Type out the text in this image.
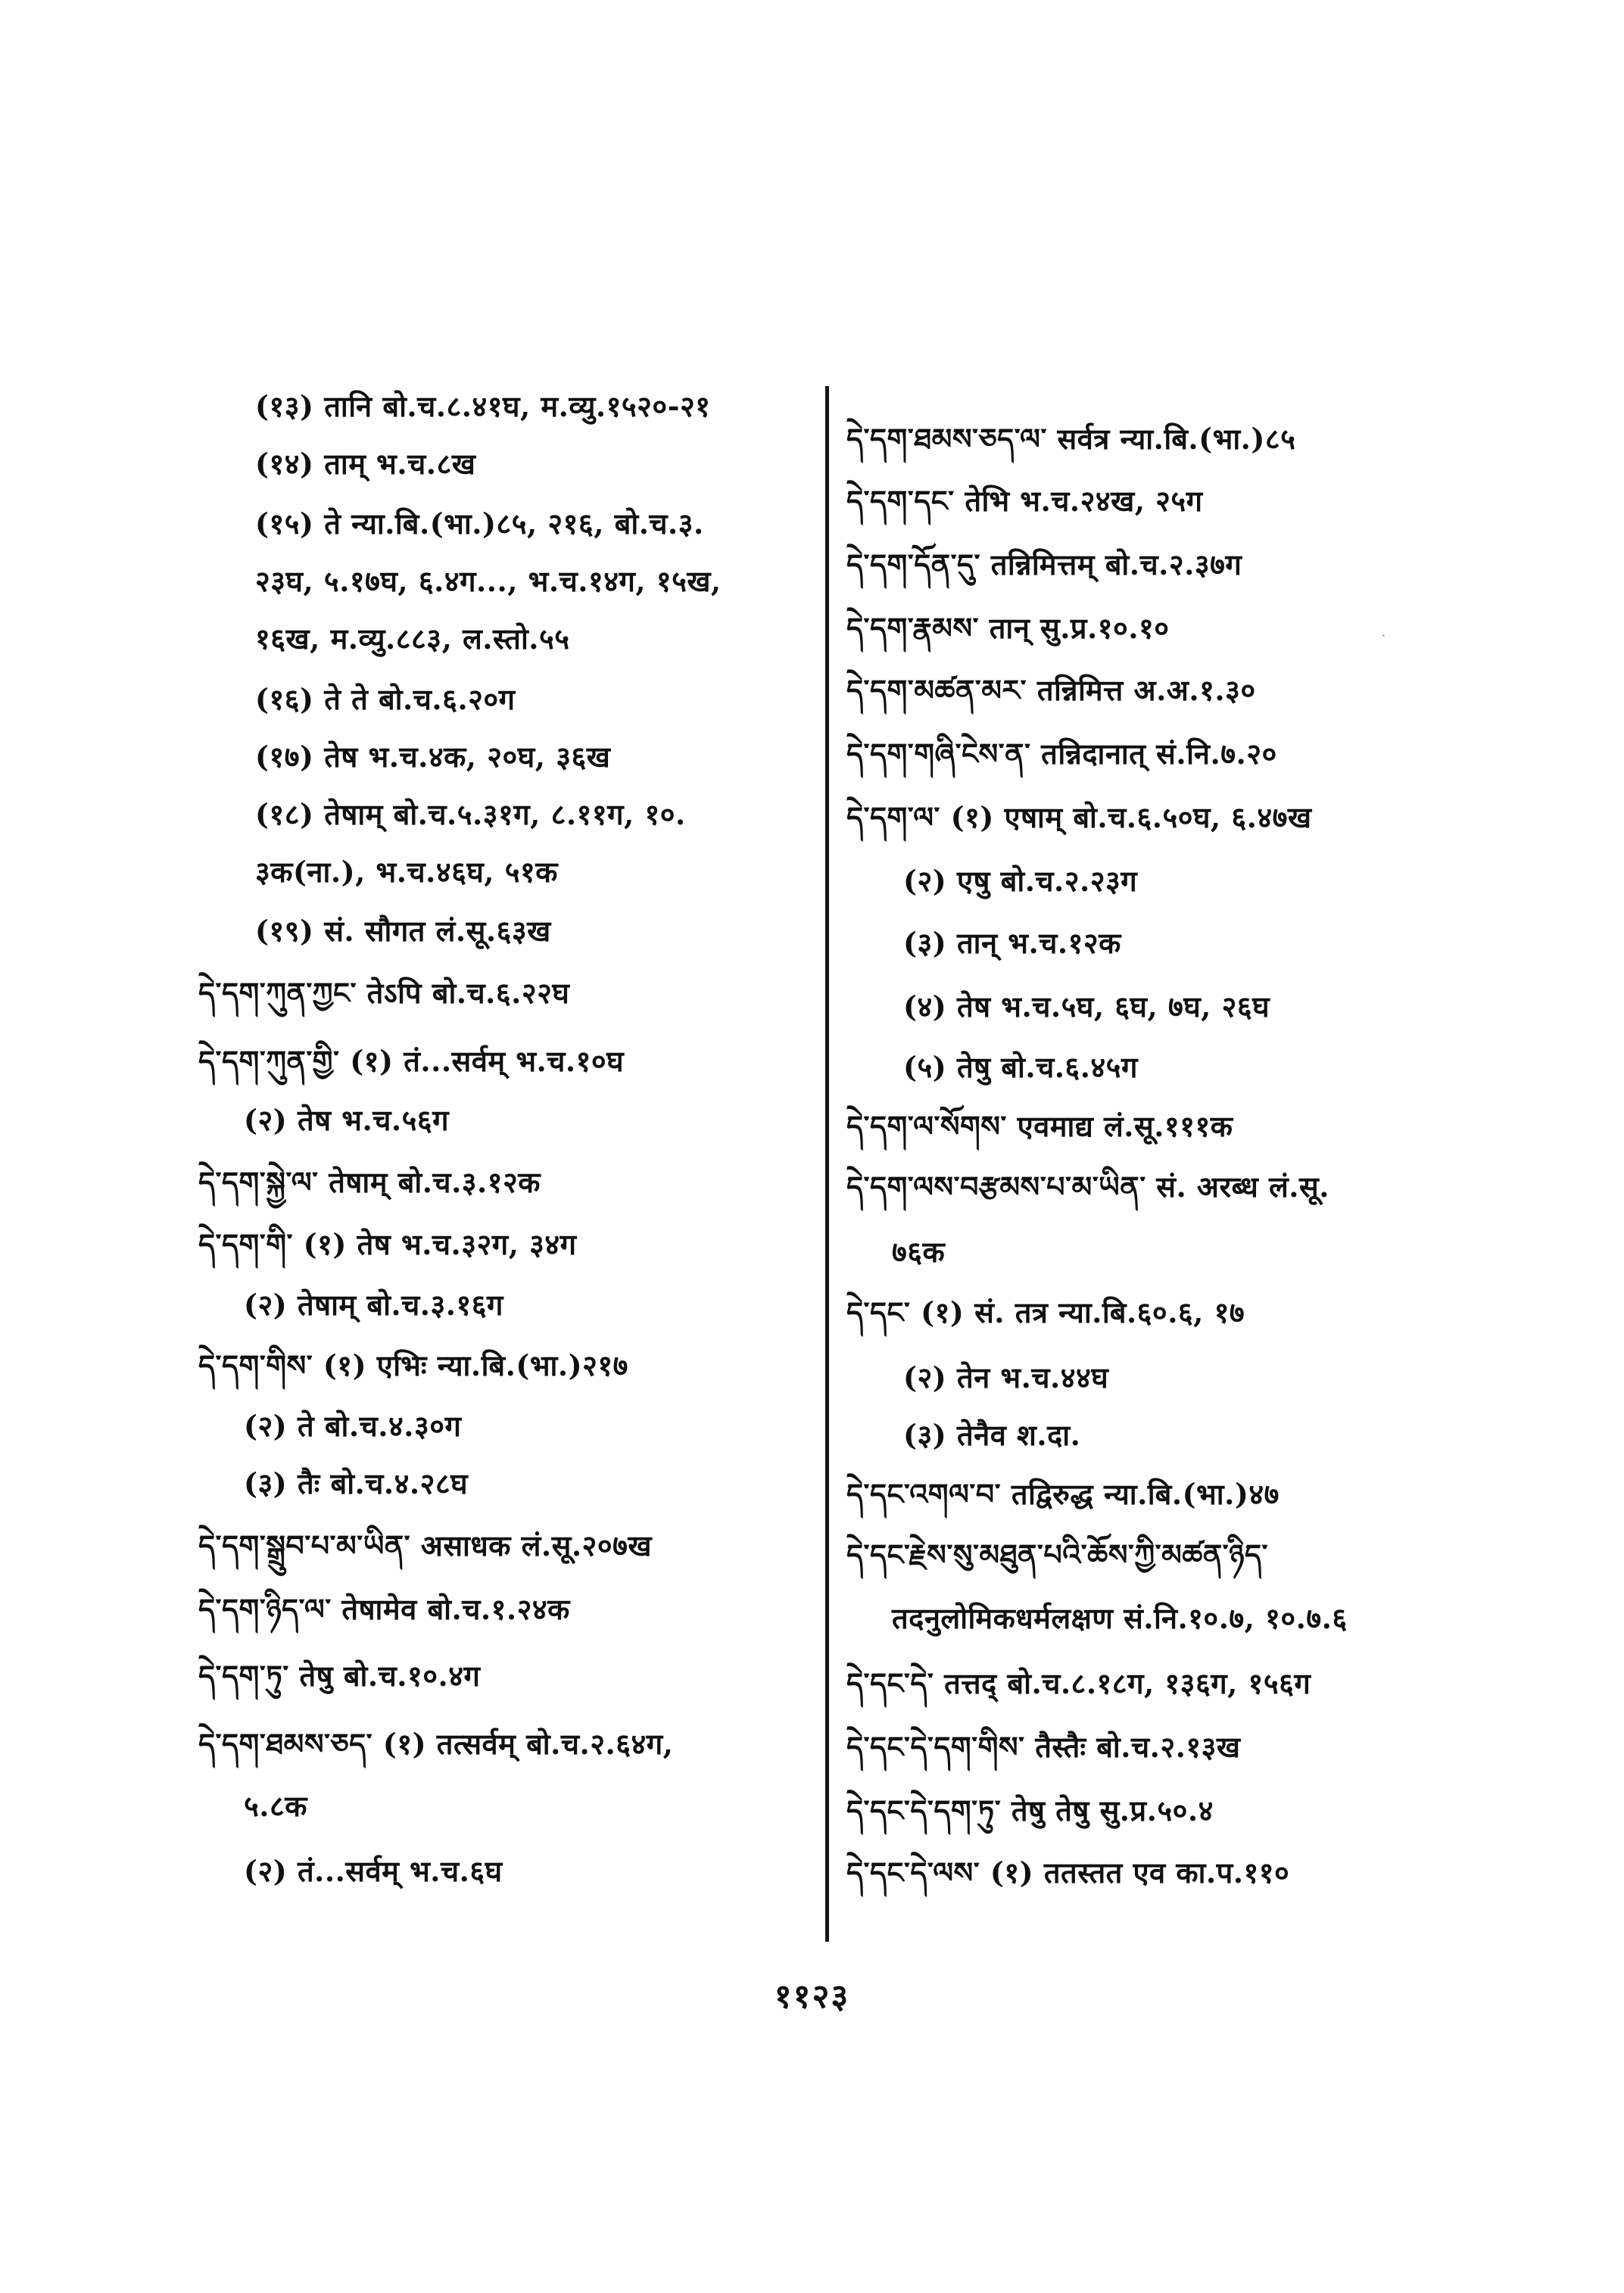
(१३) तानि बो.च.८.४१घ, म.व्यु.१५२०-२१
(१४) ताम् भ.च.८ख
(१५) ते न्या.बि.(भा.)८५, २१६, बो.च.३.
२३घ, ५.१७घ, ६.४ग..., भ.च.१४ग, १५ख,
१६ख, म.व्यु.८८३, ल.स्तो.५५
(१६) ते ते बो.च.६.२०ग
(१७) तेष भ.च.४क, २०घ, ३६ख
(१८) तेषाम् बो.च.५.३१ग, ८.११ग, १०.
३क(ना.), भ.च.४६घ, ५१क
(१९) सं. सौगत लं.सू.६३ख
དེ་དག་ཀུན་ཀྱང་ तेऽपि बो.च.६.२२घ
དེ་དག་ཀུན་གྱི་ (१) तं...सर्वम् भ.च.१०घ
(२) तेष भ.च.५६ग
དེ་དག་སྐྱེ་ལ་ तेषाम् बो.च.३.१२क
དེ་དག་གི་ (१) तेष भ.च.३२ग, ३४ग
(२) तेषाम् बो.च.३.१६ग
དེ་དག་གིས་ (१) एभिः न्या.बि.(भा.)२१७
(२) ते बो.च.४.३०ग
(३) तैः बो.च.४.२८घ
དེ་དག་སྒྲུབ་པ་མ་ཡིན་ असाधक लं.सू.२०७ख
དེ་དག་ཉིད་ལ་ तेषामेव बो.च.१.२४क
དེ་དག་ཏུ་ तेषु बो.च.१०.४ग
དེ་དག་ཐམས་ཅད་ (१) तत्सर्वम् बो.च.२.६४ग,
५.८क
(२) तं...सर्वम् भ.च.६घ
དེ་དག་ཐམས་ཅད་ལ་ सर्वत्र न्या.बि.(भा.)८५
དེ་དག་དང་ तेभि भ.च.२४ख, २५ग
དེ་དག་དོན་དུ་ तन्निमित्तम् बो.च.२.३७ग
དེ་དག་རྣམས་ तान् सु.प्र.१०.१०
དེ་དག་མཚན་མར་ तन्निमित्त अ.अ.१.३०
དེ་དག་གཞི་ངེས་ན་ तन्निदानात् सं.नि.७.२०
དེ་དག་ལ་ (१) एषाम् बो.च.६.५०घ, ६.४७ख
(२) एषु बो.च.२.२३ग
(३) तान् भ.च.१२क
(४) तेष भ.च.५घ, ६घ, ७घ, २६घ
(५) तेषु बो.च.६.४५ग
དེ་དག་ལ་སོགས་ एवमाद्य लं.सू.१११क
དེ་དག་ལས་བརྩམས་པ་མ་ཡིན་ सं. अरब्ध लं.सू.
७६क
དེ་དང་ (१) सं. तत्र न्या.बि.६०.६, १७
(२) तेन भ.च.४४घ
(३) तेनैव श.दा.
དེ་དང་འགལ་བ་ तद्विरुद्ध न्या.बि.(भा.)४७
དེ་དང་རྗེས་སུ་མཐུན་པའི་ཆོས་ཀྱི་མཚན་ཉིད་
तदनुलोमिकधर्मलक्षण सं.नि.१०.७, १०.७.६
དེ་དང་དེ་ तत्तद् बो.च.८.१८ग, १३६ग, १५६ग
དེ་དང་དེ་དག་གིས་ तैस्तैः बो.च.२.१३ख
དེ་དང་དེ་དག་ཏུ་ तेषु तेषु सु.प्र.५०.४
དེ་དང་དེ་ལས་ (१) ततस्तत एव का.प.११०
·
११२३
